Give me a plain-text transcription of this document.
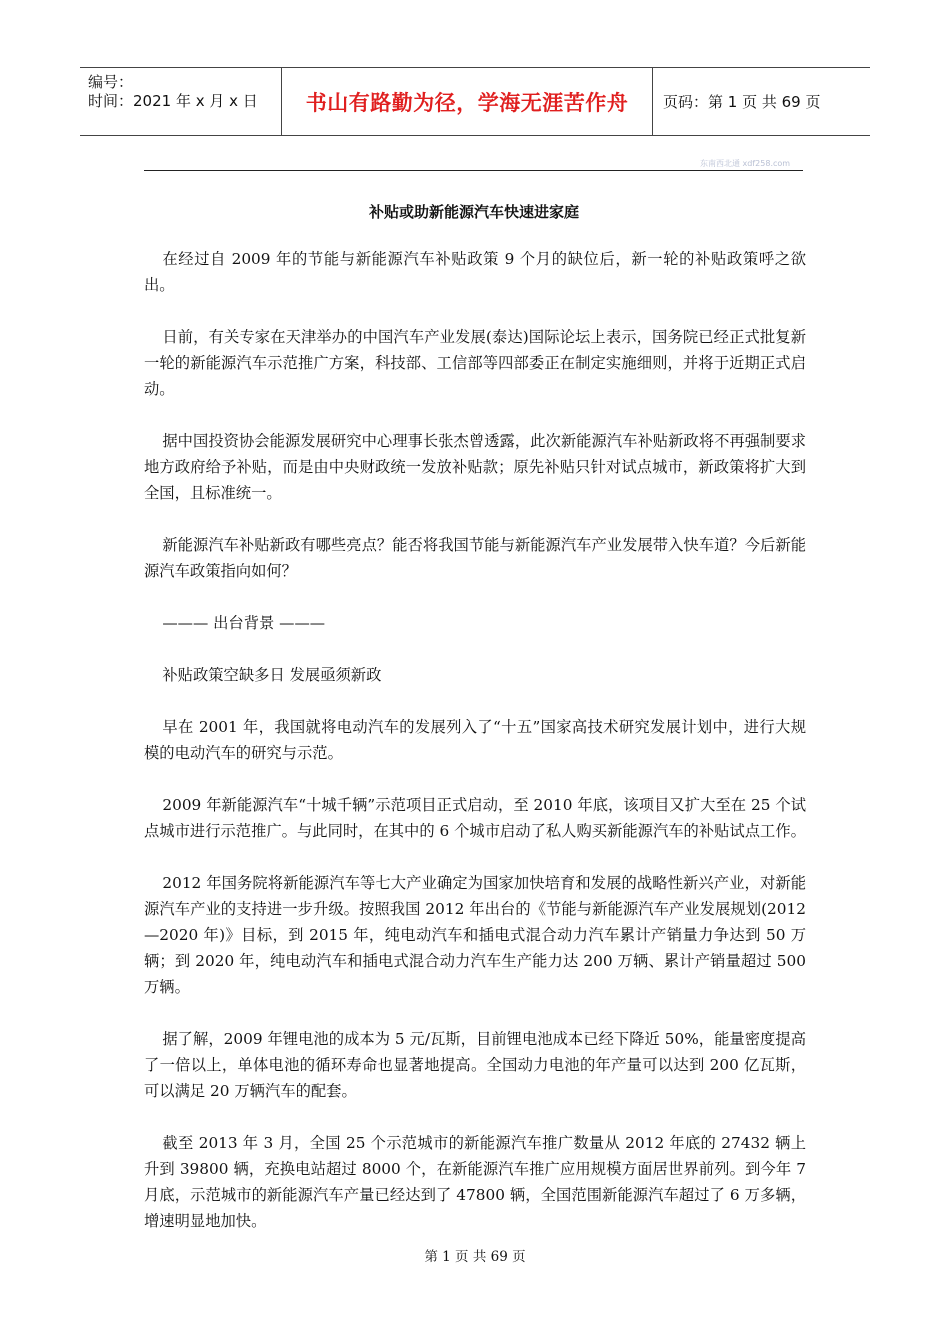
编号：
时间：2021 年 x 月 x 日	书山有路勤为径，学海无涯苦作舟 页码：第 1 页 共 69 页
东南西北通 xdf258.com
补贴或助新能源汽车快速进家庭

在经过自 2009 年的节能与新能源汽车补贴政策 9 个月的缺位后，新一轮的补贴政策呼之欲出。

日前，有关专家在天津举办的中国汽车产业发展(泰达)国际论坛上表示，国务院已经正式批复新一轮的新能源汽车示范推广方案，科技部、工信部等四部委正在制定实施细则，并将于近期正式启动。

据中国投资协会能源发展研究中心理事长张杰曾透露，此次新能源汽车补贴新政将不再强制要求地方政府给予补贴，而是由中央财政统一发放补贴款；原先补贴只针对试点城市，新政策将扩大到全国，且标准统一。

新能源汽车补贴新政有哪些亮点？能否将我国节能与新能源汽车产业发展带入快车道？今后新能源汽车政策指向如何？

——— 出台背景 ———

补贴政策空缺多日 发展亟须新政

早在 2001 年，我国就将电动汽车的发展列入了“十五”国家高技术研究发展计划中，进行大规模的电动汽车的研究与示范。

2009 年新能源汽车“十城千辆”示范项目正式启动，至 2010 年底，该项目又扩大至在 25 个试点城市进行示范推广。与此同时，在其中的 6 个城市启动了私人购买新能源汽车的补贴试点工作。

2012 年国务院将新能源汽车等七大产业确定为国家加快培育和发展的战略性新兴产业，对新能源汽车产业的支持进一步升级。按照我国 2012 年出台的《节能与新能源汽车产业发展规划(2012—2020 年)》目标，到 2015 年，纯电动汽车和插电式混合动力汽车累计产销量力争达到 50 万辆；到 2020 年，纯电动汽车和插电式混合动力汽车生产能力达 200 万辆、累计产销量超过 500 万辆。

据了解，2009 年锂电池的成本为 5 元/瓦斯，目前锂电池成本已经下降近 50%，能量密度提高了一倍以上，单体电池的循环寿命也显著地提高。全国动力电池的年产量可以达到 200 亿瓦斯，可以满足 20 万辆汽车的配套。

截至 2013 年 3 月，全国 25 个示范城市的新能源汽车推广数量从 2012 年底的 27432 辆上升到 39800 辆，充换电站超过 8000 个，在新能源汽车推广应用规模方面居世界前列。到今年 7 月底，示范城市的新能源汽车产量已经达到了 47800 辆，全国范围新能源汽车超过了 6 万多辆，增速明显地加快。

第 1 页 共 69 页
